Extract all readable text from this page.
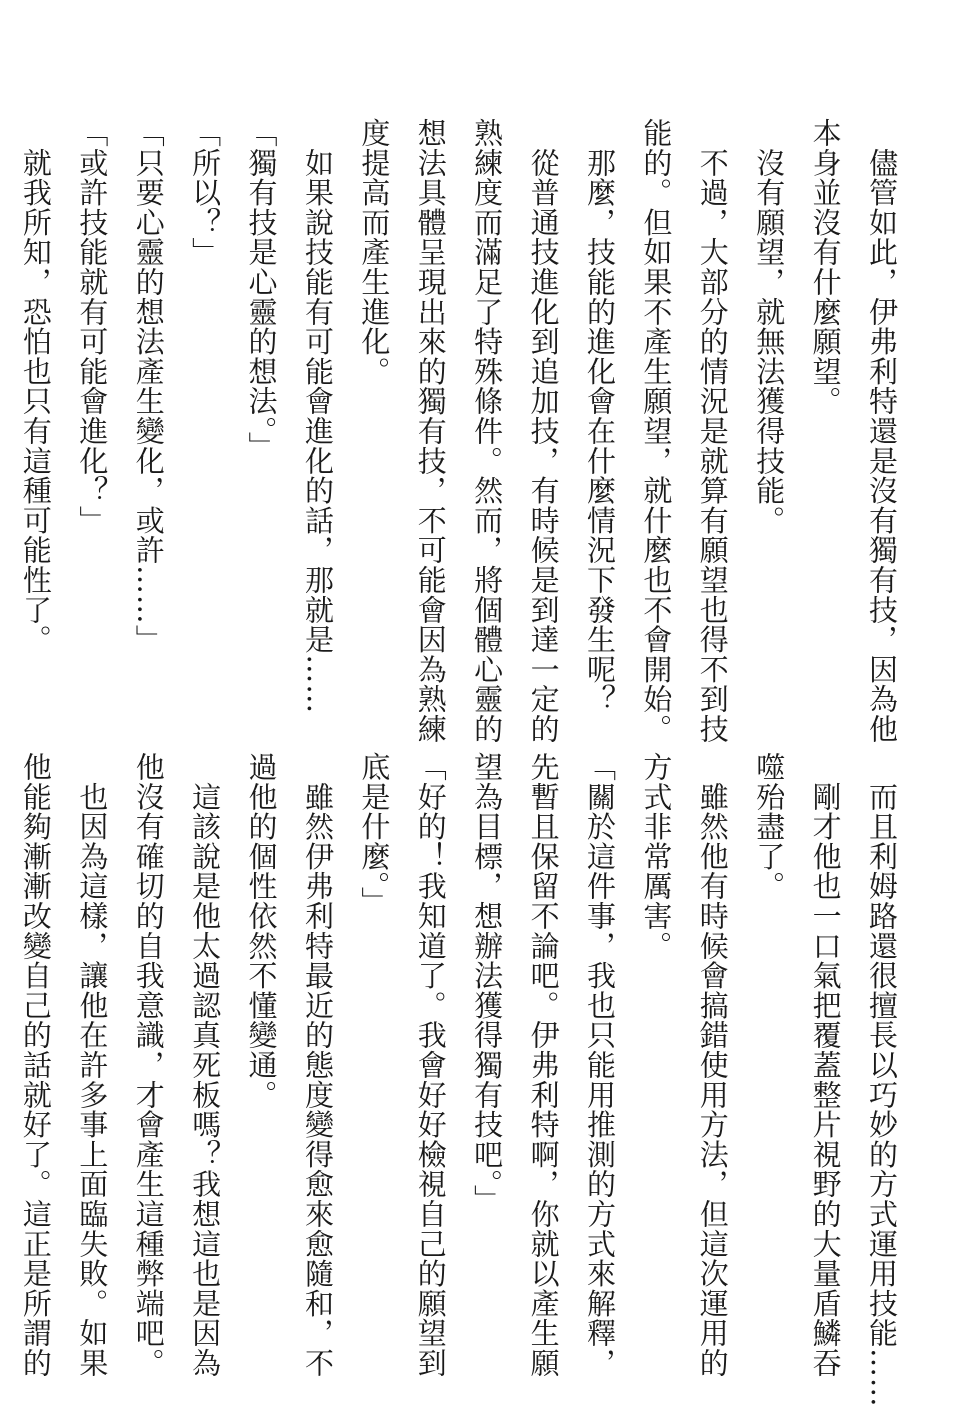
　儘管如此，伊弗利特還是沒有獨有技，因為他
本身並沒有什麼願望。
　沒有願望，就無法獲得技能。
　不過，大部分的情況是就算有願望也得不到技
能的。但如果不產生願望，就什麼也不會開始。
　那麼，技能的進化會在什麼情況下發生呢？
　從普通技進化到追加技，有時候是到達一定的
熟練度而滿足了特殊條件。然而，將個體心靈的
想法具體呈現出來的獨有技，不可能會因為熟練
度提高而產生進化。
　如果說技能有可能會進化的話，那就是……
「獨有技是心靈的想法。」
「所以？」
「只要心靈的想法產生變化，或許……」
「或許技能就有可能會進化？」
　就我所知，恐怕也只有這種可能性了。
　而且利姆路還很擅長以巧妙的方式運用技能……
　剛才他也一口氣把覆蓋整片視野的大量盾鱗吞
噬殆盡了。
　雖然他有時候會搞錯使用方法，但這次運用的
方式非常厲害。
「關於這件事，我也只能用推測的方式來解釋，
先暫且保留不論吧。伊弗利特啊，你就以產生願
望為目標，想辦法獲得獨有技吧。」
「好的！我知道了。我會好好檢視自己的願望到
底是什麼。」
　雖然伊弗利特最近的態度變得愈來愈隨和，不
過他的個性依然不懂變通。
　這該說是他太過認真死板嗎？我想這也是因為
他沒有確切的自我意識，才會產生這種弊端吧。
　也因為這樣，讓他在許多事上面臨失敗。如果
他能夠漸漸改變自己的話就好了。這正是所謂的
